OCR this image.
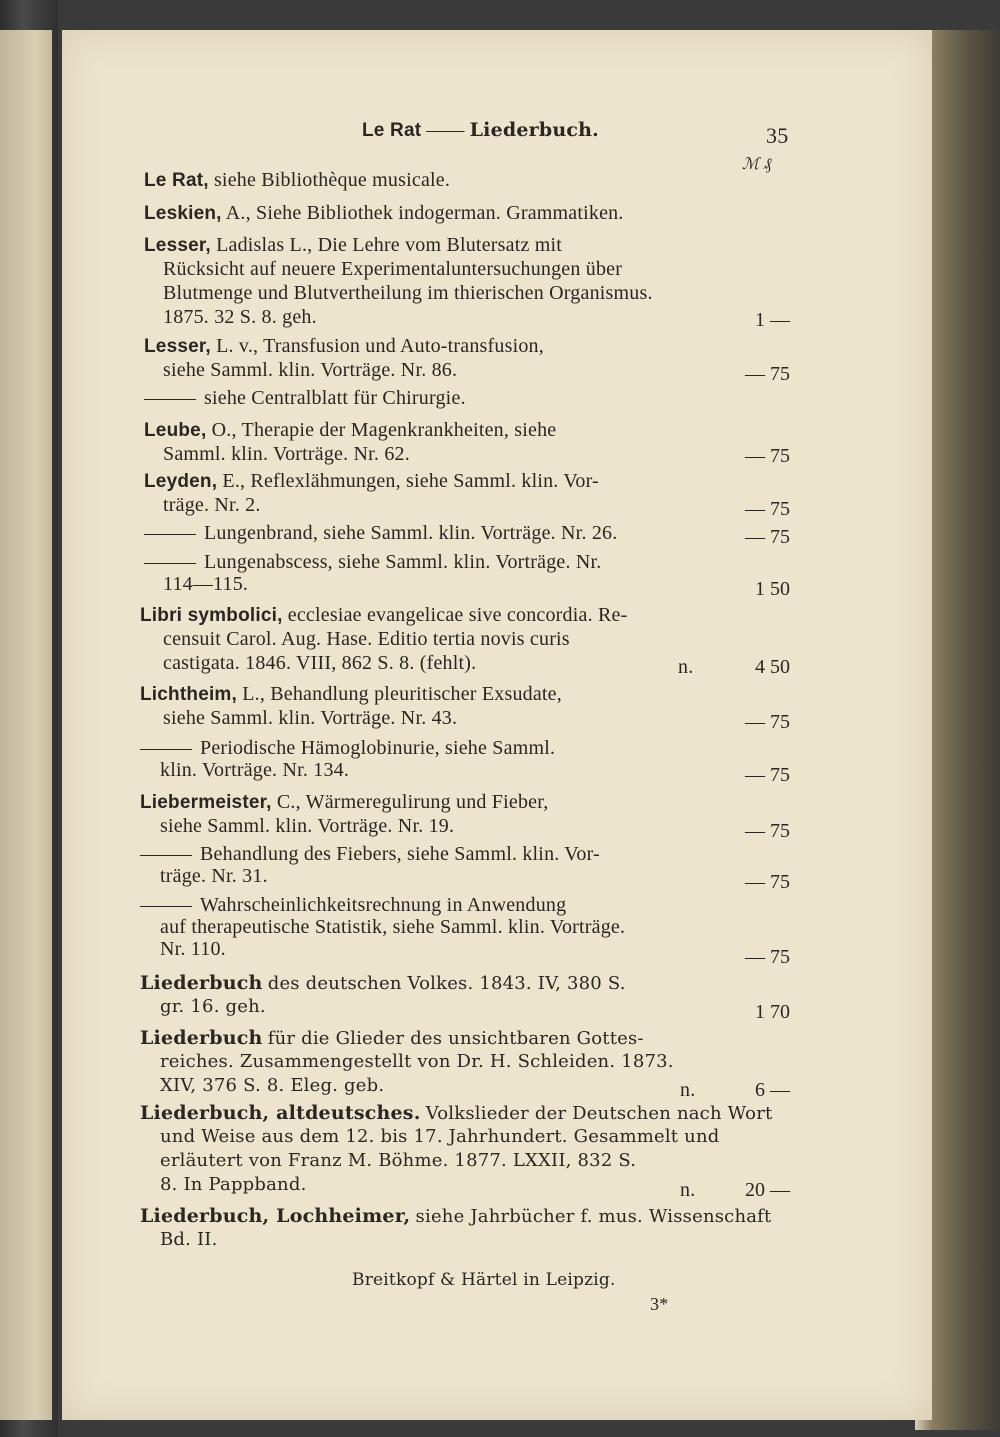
Le Rat —— Liederbuch.	35
ℳ ₰
Le Rat, siehe Bibliothèque musicale.
Leskien, A., Siehe Bibliothek indogerman. Grammatiken.
Lesser, Ladislas L., Die Lehre vom Blutersatz mit
Rücksicht auf neuere Experimentaluntersuchungen über
Blutmenge und Blutvertheilung im thierischen Organismus.
1875. 32 S. 8. geh.	1 —
Lesser, L. v., Transfusion und Auto-transfusion,
siehe Samml. klin. Vorträge. Nr. 86.	— 75
siehe Centralblatt für Chirurgie.
Leube, O., Therapie der Magenkrankheiten, siehe
Samml. klin. Vorträge. Nr. 62.	— 75
Leyden, E., Reflexlähmungen, siehe Samml. klin. Vor-
träge. Nr. 2.	— 75
Lungenbrand, siehe Samml. klin. Vorträge. Nr. 26.	— 75
Lungenabscess, siehe Samml. klin. Vorträge. Nr.
114—115.	1 50
Libri symbolici, ecclesiae evangelicae sive concordia. Re-
censuit Carol. Aug. Hase. Editio tertia novis curis
castigata. 1846. VIII, 862 S. 8. (fehlt).	n.	4 50
Lichtheim, L., Behandlung pleuritischer Exsudate,
siehe Samml. klin. Vorträge. Nr. 43.	— 75
Periodische Hämoglobinurie, siehe Samml.
klin. Vorträge. Nr. 134.	— 75
Liebermeister, C., Wärmeregulirung und Fieber,
siehe Samml. klin. Vorträge. Nr. 19.	— 75
Behandlung des Fiebers, siehe Samml. klin. Vor-
träge. Nr. 31.	— 75
Wahrscheinlichkeitsrechnung in Anwendung
auf therapeutische Statistik, siehe Samml. klin. Vorträge.
Nr. 110.	— 75
Liederbuch des deutschen Volkes. 1843. IV, 380 S.
gr. 16. geh.	1 70
Liederbuch für die Glieder des unsichtbaren Gottes-
reiches. Zusammengestellt von Dr. H. Schleiden. 1873.
XIV, 376 S. 8. Eleg. geb.	n.	6 —
Liederbuch, altdeutsches. Volkslieder der Deutschen nach Wort
und Weise aus dem 12. bis 17. Jahrhundert. Gesammelt und
erläutert von Franz M. Böhme. 1877. LXXII, 832 S.
8. In Pappband.	n.	20 —
Liederbuch, Lochheimer, siehe Jahrbücher f. mus. Wissenschaft
Bd. II.
Breitkopf & Härtel in Leipzig.
3*
